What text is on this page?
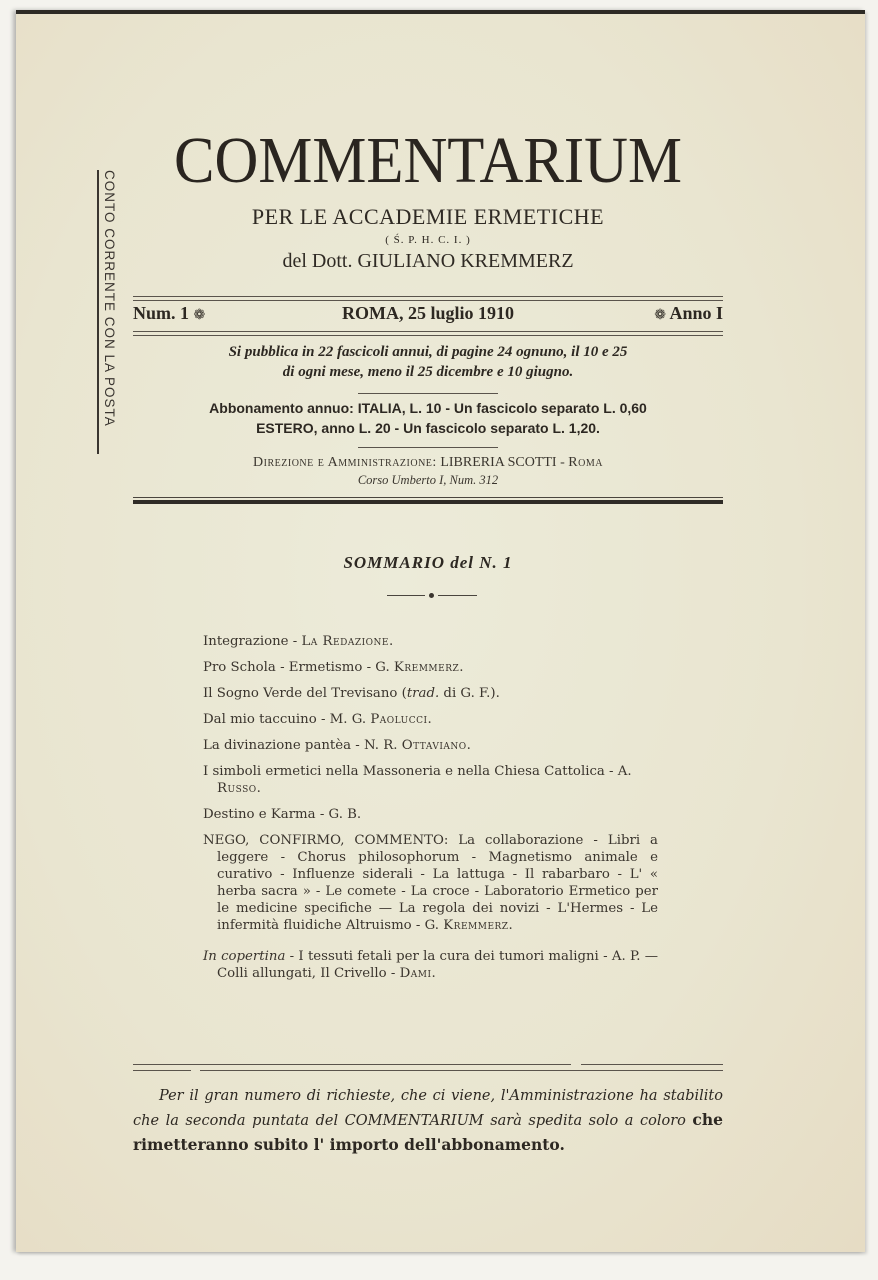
CONTO CORRENTE CON LA POSTA
COMMENTARIUM
PER LE ACCADEMIE ERMETICHE
( Ś. P. H. C. I. )
del Dott. GIULIANO KREMMERZ
Num. 1 ❁	ROMA, 25 luglio 1910	❁ Anno I
Si pubblica in 22 fascicoli annui, di pagine 24 ognuno, il 10 e 25
di ogni mese, meno il 25 dicembre e 10 giugno.
Abbonamento annuo: ITALIA, L. 10 - Un fascicolo separato L. 0,60
ESTERO, anno L. 20 - Un fascicolo separato L. 1,20.
Direzione e Amministrazione: LIBRERIA SCOTTI - Roma
Corso Umberto I, Num. 312
SOMMARIO del N. 1
Integrazione - La Redazione.
Pro Schola - Ermetismo - G. Kremmerz.
Il Sogno Verde del Trevisano (trad. di G. F.).
Dal mio taccuino - M. G. Paolucci.
La divinazione pantèa - N. R. Ottaviano.
I simboli ermetici nella Massoneria e nella Chiesa Cattolica - A. Russo.
Destino e Karma - G. B.
NEGO, CONFIRMO, COMMENTO: La collaborazione - Libri a leggere - Chorus philosophorum - Magnetismo animale e curativo - Influenze siderali - La lattuga - Il rabarbaro - L' « herba sacra » - Le comete - La croce - Laboratorio Ermetico per le medicine specifiche — La regola dei novizi - L'Hermes - Le infermità fluidiche Altruismo - G. Kremmerz.
In copertina - I tessuti fetali per la cura dei tumori maligni - A. P. — Colli allungati, Il Crivello - Dami.
Per il gran numero di richieste, che ci viene, l'Amministrazione ha stabilito che la seconda puntata del COMMENTARIUM sarà spedita solo a coloro che rimetteranno subito l' importo dell'abbonamento.
